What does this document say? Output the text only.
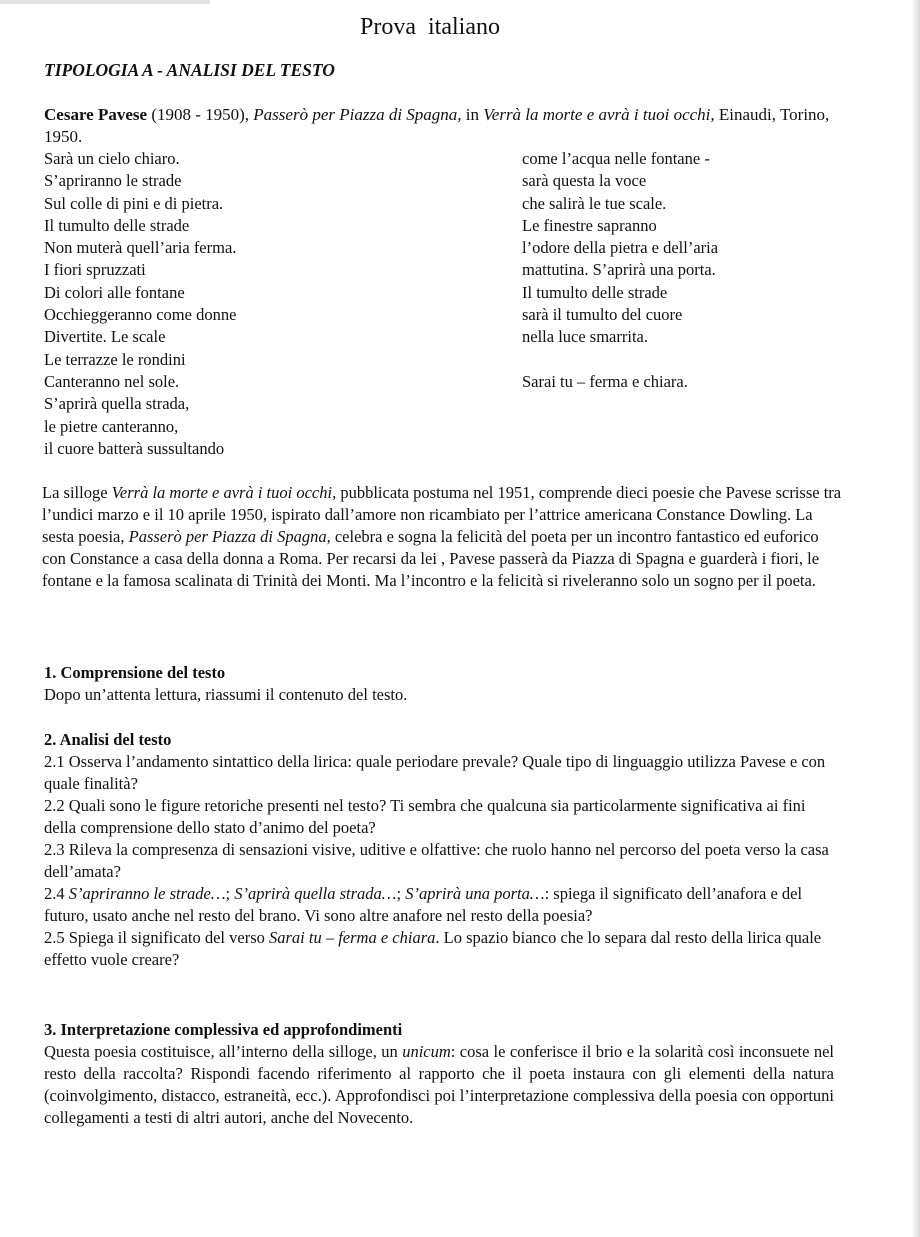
Prova  italiano
TIPOLOGIA A - ANALISI DEL TESTO
Cesare Pavese (1908 - 1950), Passerò per Piazza di Spagna, in Verrà la morte e avrà i tuoi occhi, Einaudi, Torino, 1950.
Sarà un cielo chiaro.
S’apriranno le strade
Sul colle di pini e di pietra.
Il tumulto delle strade
Non muterà quell’aria ferma.
I fiori spruzzati
Di colori alle fontane
Occhieggeranno come donne
Divertite. Le scale
Le terrazze le rondini
Canteranno nel sole.
S’aprirà quella strada,
le pietre canteranno,
il cuore batterà sussultando
come l’acqua nelle fontane -
sarà questa la voce
che salirà le tue scale.
Le finestre sapranno
l’odore della pietra e dell’aria
mattutina. S’aprirà una porta.
Il tumulto delle strade
sarà il tumulto del cuore
nella luce smarrita.
Sarai tu – ferma e chiara.
La silloge Verrà la morte e avrà i tuoi occhi, pubblicata postuma nel 1951, comprende dieci poesie che Pavese scrisse tra l’undici marzo e il 10 aprile 1950, ispirato dall’amore non ricambiato per l’attrice americana Constance Dowling. La sesta poesia, Passerò per Piazza di Spagna, celebra e sogna la felicità del poeta per un incontro fantastico ed euforico con Constance a casa della donna a Roma. Per recarsi da lei , Pavese passerà da Piazza di Spagna e guarderà i fiori, le fontane e la famosa scalinata di Trinità dei Monti. Ma l’incontro e la felicità si riveleranno solo un sogno per il poeta.
1. Comprensione del testo

Dopo un’attenta lettura, riassumi il contenuto del testo.

2. Analisi del testo

2.1 Osserva l’andamento sintattico della lirica: quale periodare prevale? Quale tipo di linguaggio utilizza Pavese e con quale finalità?

2.2 Quali sono le figure retoriche presenti nel testo? Ti sembra che qualcuna sia particolarmente significativa ai fini della comprensione dello stato d’animo del poeta?

2.3 Rileva la compresenza di sensazioni visive, uditive e olfattive: che ruolo hanno nel percorso del poeta verso la casa dell’amata?

2.4 S’apriranno le strade…; S’aprirà quella strada…; S’aprirà una porta…: spiega il significato dell’anafora e del futuro, usato anche nel resto del brano. Vi sono altre anafore nel resto della poesia?

2.5 Spiega il significato del verso Sarai tu – ferma e chiara. Lo spazio bianco che lo separa dal resto della lirica quale effetto vuole creare?

3. Interpretazione complessiva ed approfondimenti

Questa poesia costituisce, all’interno della silloge, un unicum: cosa le conferisce il brio e la solarità così inconsuete nel resto della raccolta? Rispondi facendo riferimento al rapporto che il poeta instaura con gli elementi della natura (coinvolgimento, distacco, estraneità, ecc.). Approfondisci poi l’interpretazione complessiva della poesia con opportuni collegamenti a testi di altri autori, anche del Novecento.
